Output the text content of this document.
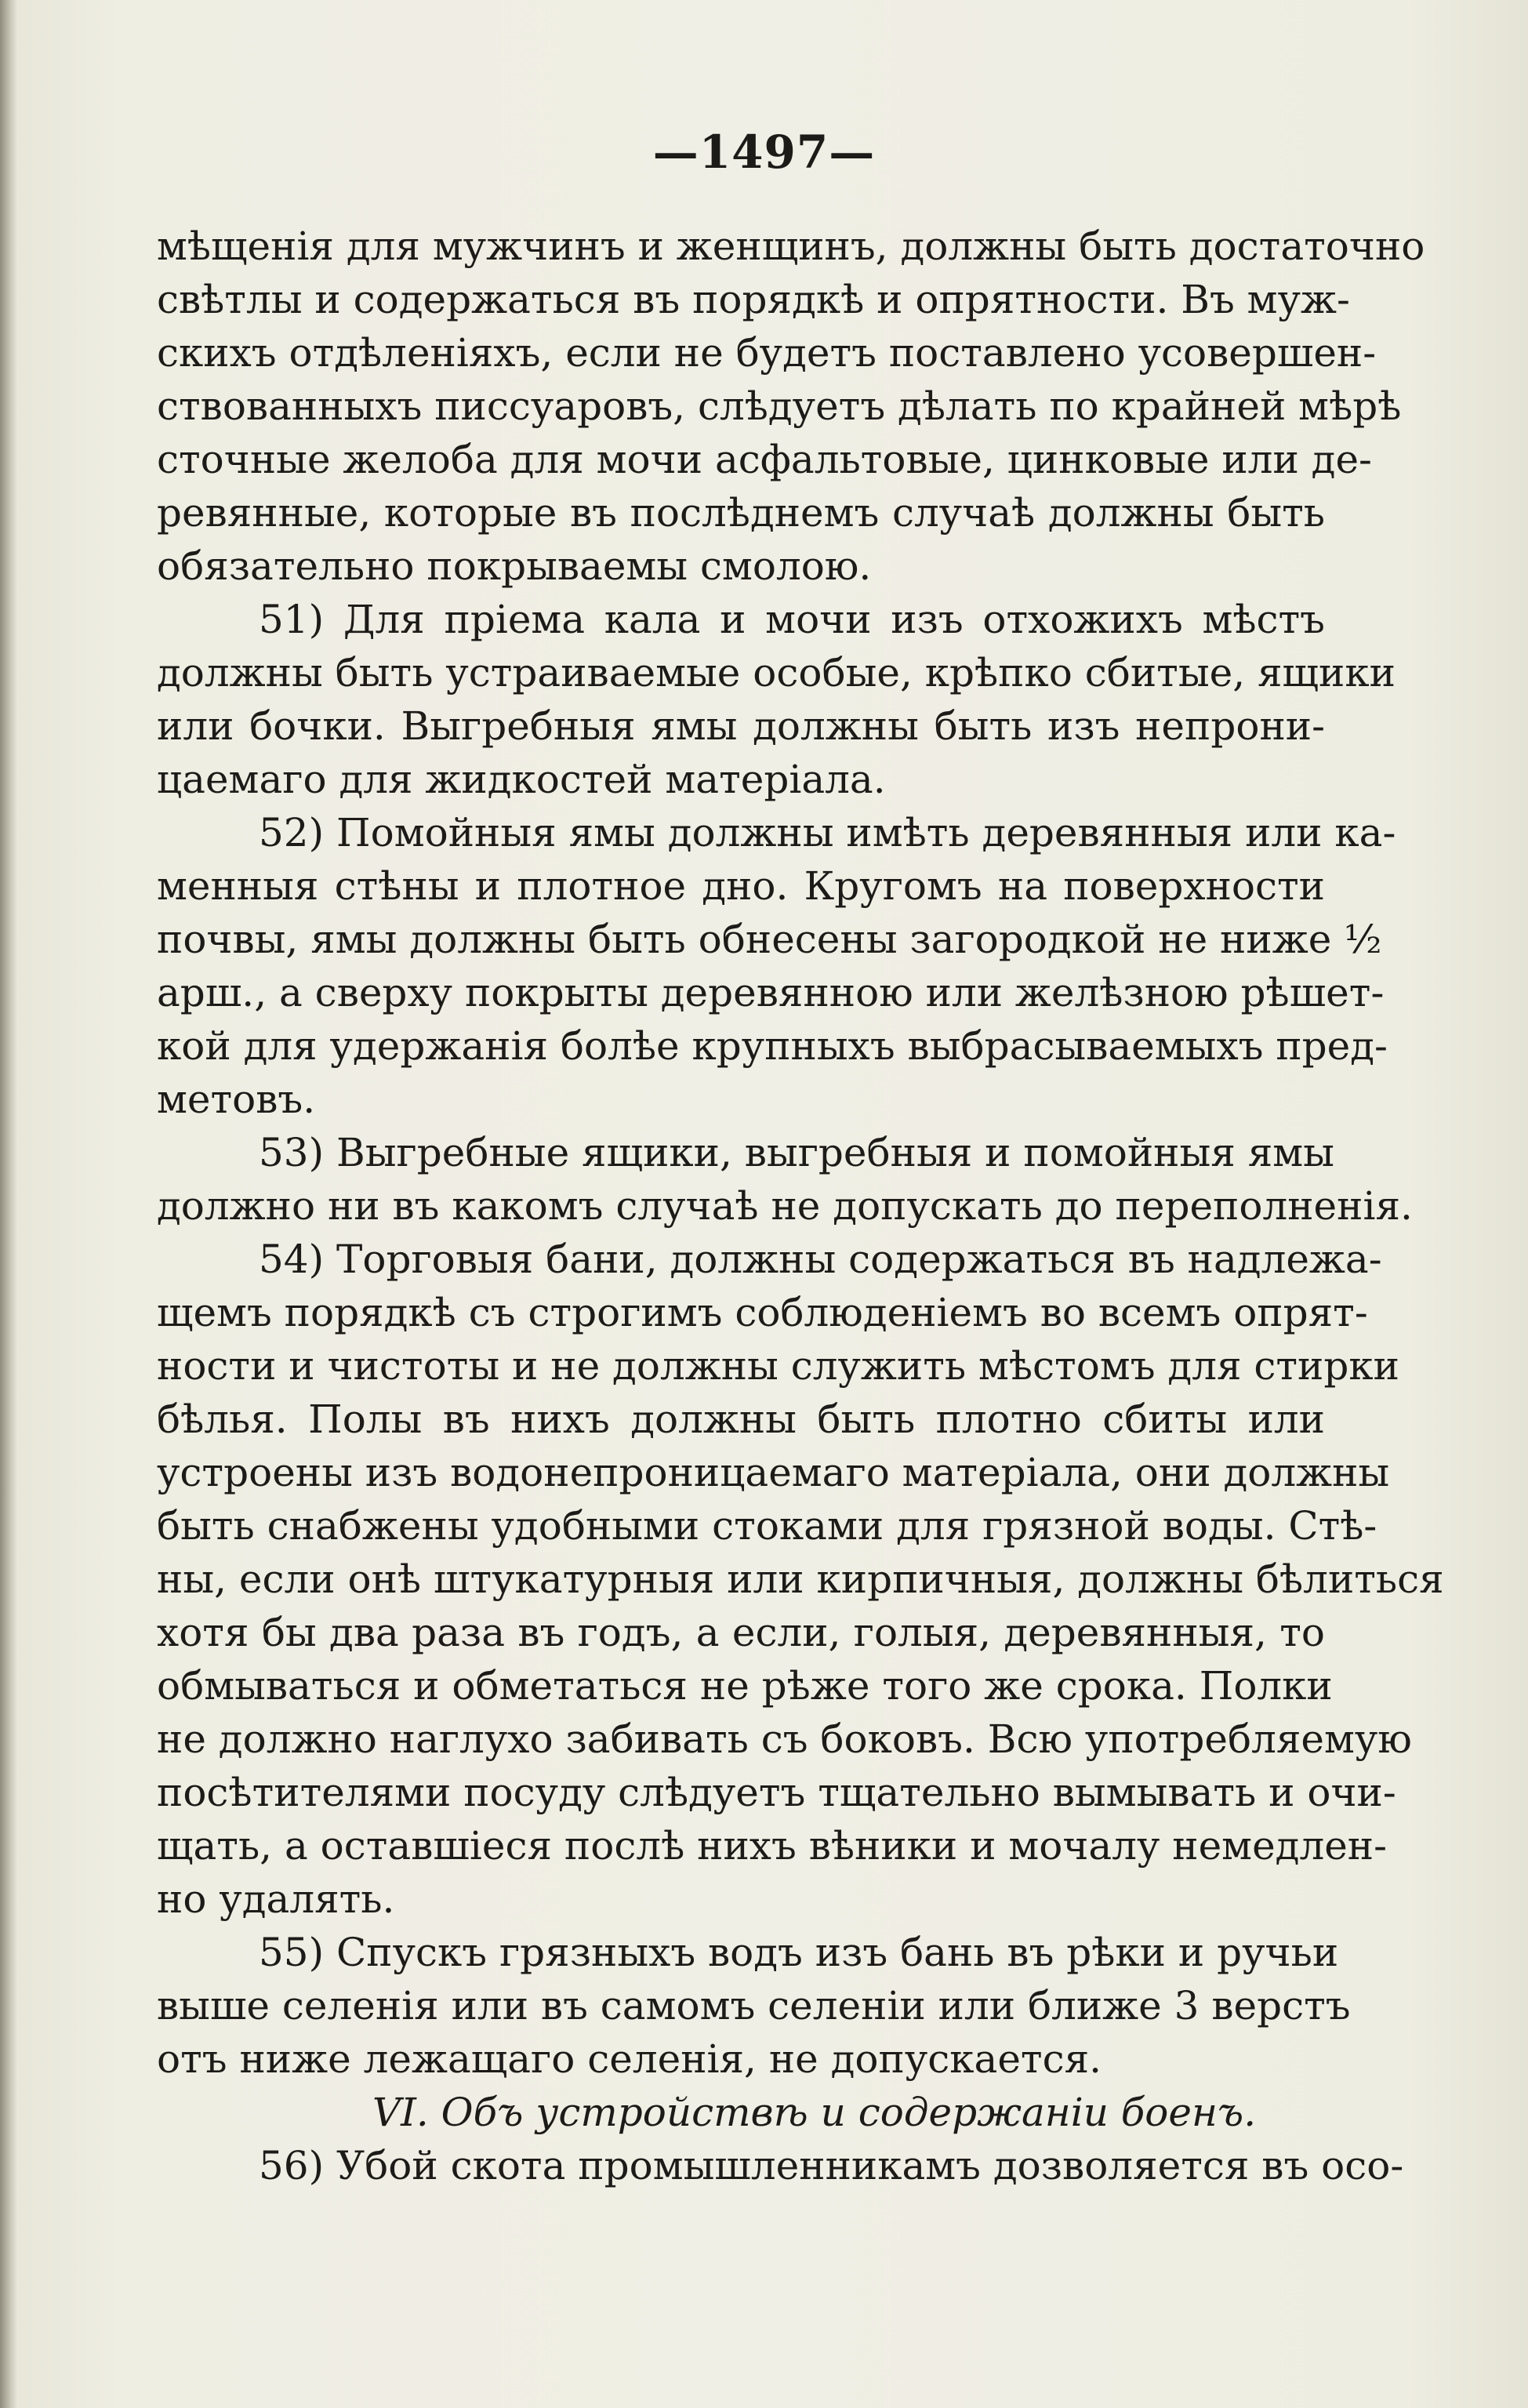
—1497—
мѣщенія для мужчинъ и женщинъ, должны быть достаточно
свѣтлы и содержаться въ порядкѣ и опрятности. Въ муж-
скихъ отдѣленіяхъ, если не будетъ поставлено усовершен-
ствованныхъ писсуаровъ, слѣдуетъ дѣлать по крайней мѣрѣ
сточные желоба для мочи асфальтовые, цинковые или де-
ревянные, которые въ послѣднемъ случаѣ должны быть
обязательно покрываемы смолою.
51) Для пріема кала и мочи изъ отхожихъ мѣстъ
должны быть устраиваемые особые, крѣпко сбитые, ящики
или бочки. Выгребныя ямы должны быть изъ непрони-
цаемаго для жидкостей матеріала.
52) Помойныя ямы должны имѣть деревянныя или ка-
менныя стѣны и плотное дно. Кругомъ на поверхности
почвы, ямы должны быть обнесены загородкой не ниже ½
арш., а сверху покрыты деревянною или желѣзною рѣшет-
кой для удержанія болѣе крупныхъ выбрасываемыхъ пред-
метовъ.
53) Выгребные ящики, выгребныя и помойныя ямы
должно ни въ какомъ случаѣ не допускать до переполненія.
54) Торговыя бани, должны содержаться въ надлежа-
щемъ порядкѣ съ строгимъ соблюденіемъ во всемъ опрят-
ности и чистоты и не должны служить мѣстомъ для стирки
бѣлья. Полы въ нихъ должны быть плотно сбиты или
устроены изъ водонепроницаемаго матеріала, они должны
быть снабжены удобными стоками для грязной воды. Стѣ-
ны, если онѣ штукатурныя или кирпичныя, должны бѣлиться
хотя бы два раза въ годъ, а если, голыя, деревянныя, то
обмываться и обметаться не рѣже того же срока. Полки
не должно наглухо забивать съ боковъ. Всю употребляемую
посѣтителями посуду слѣдуетъ тщательно вымывать и очи-
щать, а оставшіеся послѣ нихъ вѣники и мочалу немедлен-
но удалять.
55) Спускъ грязныхъ водъ изъ бань въ рѣки и ручьи
выше селенія или въ самомъ селеніи или ближе 3 верстъ
отъ ниже лежащаго селенія, не допускается.
VI. Объ устройствѣ и содержаніи боенъ.
56) Убой скота промышленникамъ дозволяется въ осо-
